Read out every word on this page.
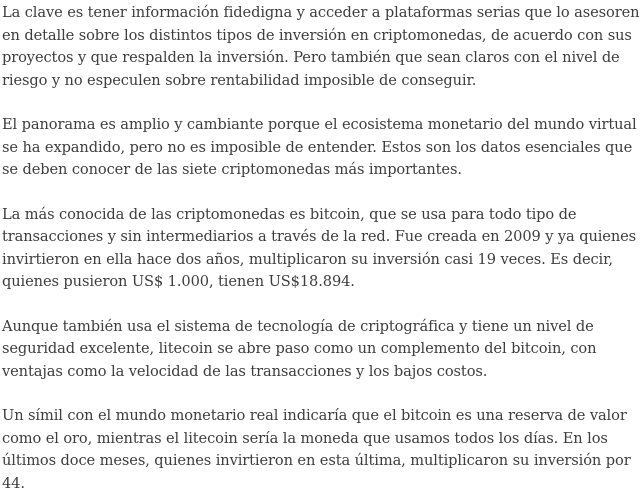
La clave es tener información fidedigna y acceder a plataformas serias que lo asesoren en detalle sobre los distintos tipos de inversión en criptomonedas, de acuerdo con sus proyectos y que respalden la inversión. Pero también que sean claros con el nivel de riesgo y no especulen sobre rentabilidad imposible de conseguir.

El panorama es amplio y cambiante porque el ecosistema monetario del mundo virtual se ha expandido, pero no es imposible de entender. Estos son los datos esenciales que se deben conocer de las siete criptomonedas más importantes.

La más conocida de las criptomonedas es bitcoin, que se usa para todo tipo de transacciones y sin intermediarios a través de la red. Fue creada en 2009 y ya quienes invirtieron en ella hace dos años, multiplicaron su inversión casi 19 veces. Es decir, quienes pusieron US$ 1.000, tienen US$18.894.

Aunque también usa el sistema de tecnología de criptográfica y tiene un nivel de seguridad excelente, litecoin se abre paso como un complemento del bitcoin, con ventajas como la velocidad de las transacciones y los bajos costos.

Un símil con el mundo monetario real indicaría que el bitcoin es una reserva de valor como el oro, mientras el litecoin sería la moneda que usamos todos los días. En los últimos doce meses, quienes invirtieron en esta última, multiplicaron su inversión por 44.
